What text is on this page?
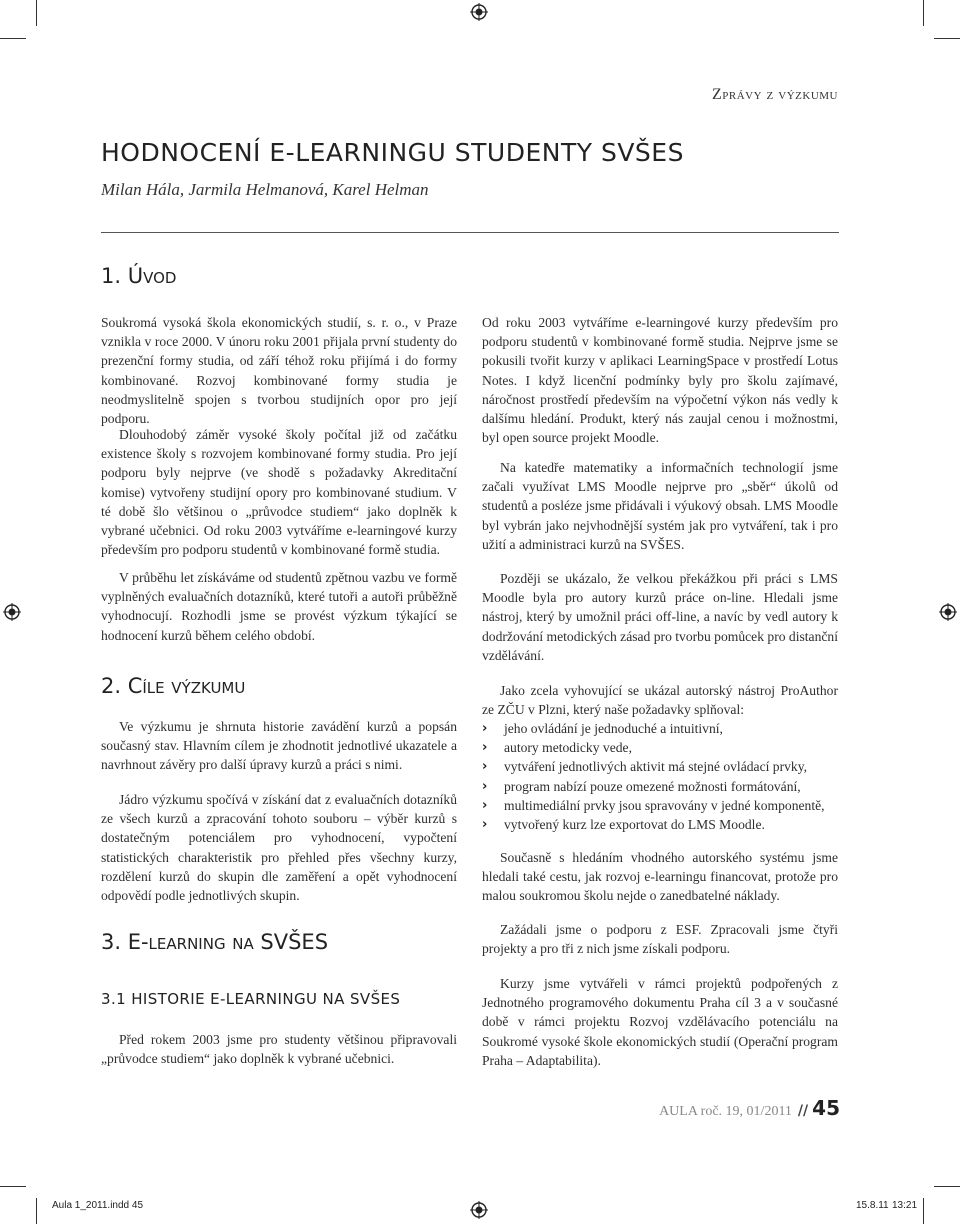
Zprávy z výzkumu
HODNOCENÍ E-LEARNINGU STUDENTY SVŠES
Milan Hála, Jarmila Helmanová, Karel Helman
1. Úvod
2. Cíle výzkumu
3. E-learning na SVŠES
3.1 HISTORIE E-LEARNINGU NA SVŠES

Soukromá vysoká škola ekonomických studií, s. r. o., v Praze vznikla v roce 2000. V únoru roku 2001 přijala první studenty do prezenční formy studia, od září téhož roku přijímá i do formy kombinované. Rozvoj kombinované formy studia je neodmyslitelně spojen s tvorbou studijních opor pro její podporu.

Dlouhodobý záměr vysoké školy počítal již od začátku existence školy s rozvojem kombinované formy studia. Pro její podporu byly nejprve (ve shodě s požadavky Akreditační komise) vytvořeny studijní opory pro kombinované studium. V té době šlo většinou o „průvodce studiem“ jako doplněk k vybrané učebnici. Od roku 2003 vytváříme e-learningové kurzy především pro podporu studentů v kombinované formě studia.

V průběhu let získáváme od studentů zpětnou vazbu ve formě vyplněných evaluačních dotazníků, které tutoři a autoři průběžně vyhodnocují. Rozhodli jsme se provést výzkum týkající se hodnocení kurzů během celého období.

Ve výzkumu je shrnuta historie zavádění kurzů a popsán současný stav. Hlavním cílem je zhodnotit jednotlivé ukazatele a navrhnout závěry pro další úpravy kurzů a práci s nimi.

Jádro výzkumu spočívá v získání dat z evaluačních dotazníků ze všech kurzů a zpracování tohoto souboru – výběr kurzů s dostatečným potenciálem pro vyhodnocení, vypočtení statistických charakteristik pro přehled přes všechny kurzy, rozdělení kurzů do skupin dle zaměření a opět vyhodnocení odpovědí podle jednotlivých skupin.

Před rokem 2003 jsme pro studenty většinou připravovali „průvodce studiem“ jako doplněk k vybrané učebnici.

Od roku 2003 vytváříme e-learningové kurzy především pro podporu studentů v kombinované formě studia. Nejprve jsme se pokusili tvořit kurzy v aplikaci LearningSpace v prostředí Lotus Notes. I když licenční podmínky byly pro školu zajímavé, náročnost prostředí především na výpočetní výkon nás vedly k dalšímu hledání. Produkt, který nás zaujal cenou i možnostmi, byl open source projekt Moodle.

Na katedře matematiky a informačních technologií jsme začali využívat LMS Moodle nejprve pro „sběr“ úkolů od studentů a posléze jsme přidávali i výukový obsah. LMS Moodle byl vybrán jako nejvhodnější systém jak pro vytváření, tak i pro užití a administraci kurzů na SVŠES.

Později se ukázalo, že velkou překážkou při práci s LMS Moodle byla pro autory kurzů práce on-line. Hledali jsme nástroj, který by umožnil práci off-line, a navíc by vedl autory k dodržování metodických zásad pro tvorbu pomůcek pro distanční vzdělávání.

Jako zcela vyhovující se ukázal autorský nástroj ProAuthor ze ZČU v Plzni, který naše požadavky splňoval:

› jeho ovládání je jednoduché a intuitivní,
› autory metodicky vede,
› vytváření jednotlivých aktivit má stejné ovládací prvky,
› program nabízí pouze omezené možnosti formátování,
› multimediální prvky jsou spravovány v jedné komponentě,
› vytvořený kurz lze exportovat do LMS Moodle.

Současně s hledáním vhodného autorského systému jsme hledali také cestu, jak rozvoj e-learningu financovat, protože pro malou soukromou školu nejde o zanedbatelné náklady.

Zažádali jsme o podporu z ESF. Zpracovali jsme čtyři projekty a pro tři z nich jsme získali podporu.

Kurzy jsme vytvářeli v rámci projektů podpořených z Jednotného programového dokumentu Praha cíl 3 a v současné době v rámci projektu Rozvoj vzdělávacího potenciálu na Soukromé vysoké škole ekonomických studií (Operační program Praha – Adaptabilita).

AULA roč. 19, 01/2011 // 45
Aula 1_2011.indd 45	15.8.11 13:21
